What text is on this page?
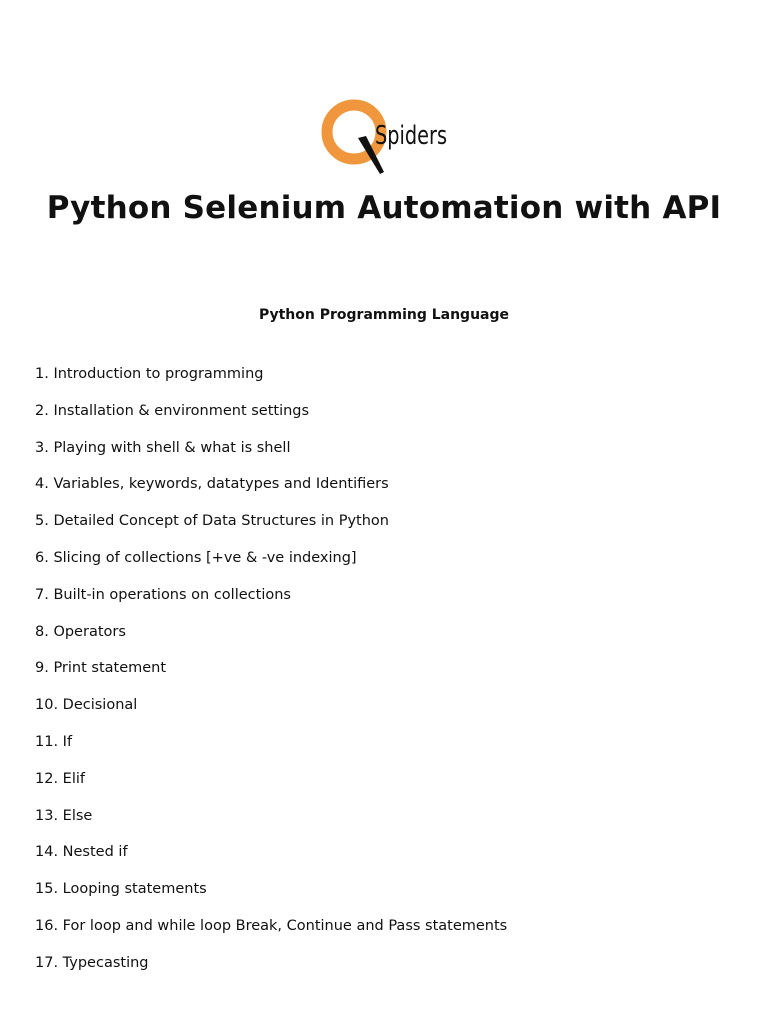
Spiders
Python Selenium Automation with API
Python Programming Language
1. Introduction to programming
2. Installation & environment settings
3. Playing with shell & what is shell
4. Variables, keywords, datatypes and Identifiers
5. Detailed Concept of Data Structures in Python
6. Slicing of collections [+ve & -ve indexing]
7. Built-in operations on collections
8. Operators
9. Print statement
10. Decisional
11. If
12. Elif
13. Else
14. Nested if
15. Looping statements
16. For loop and while loop Break, Continue and Pass statements
17. Typecasting
